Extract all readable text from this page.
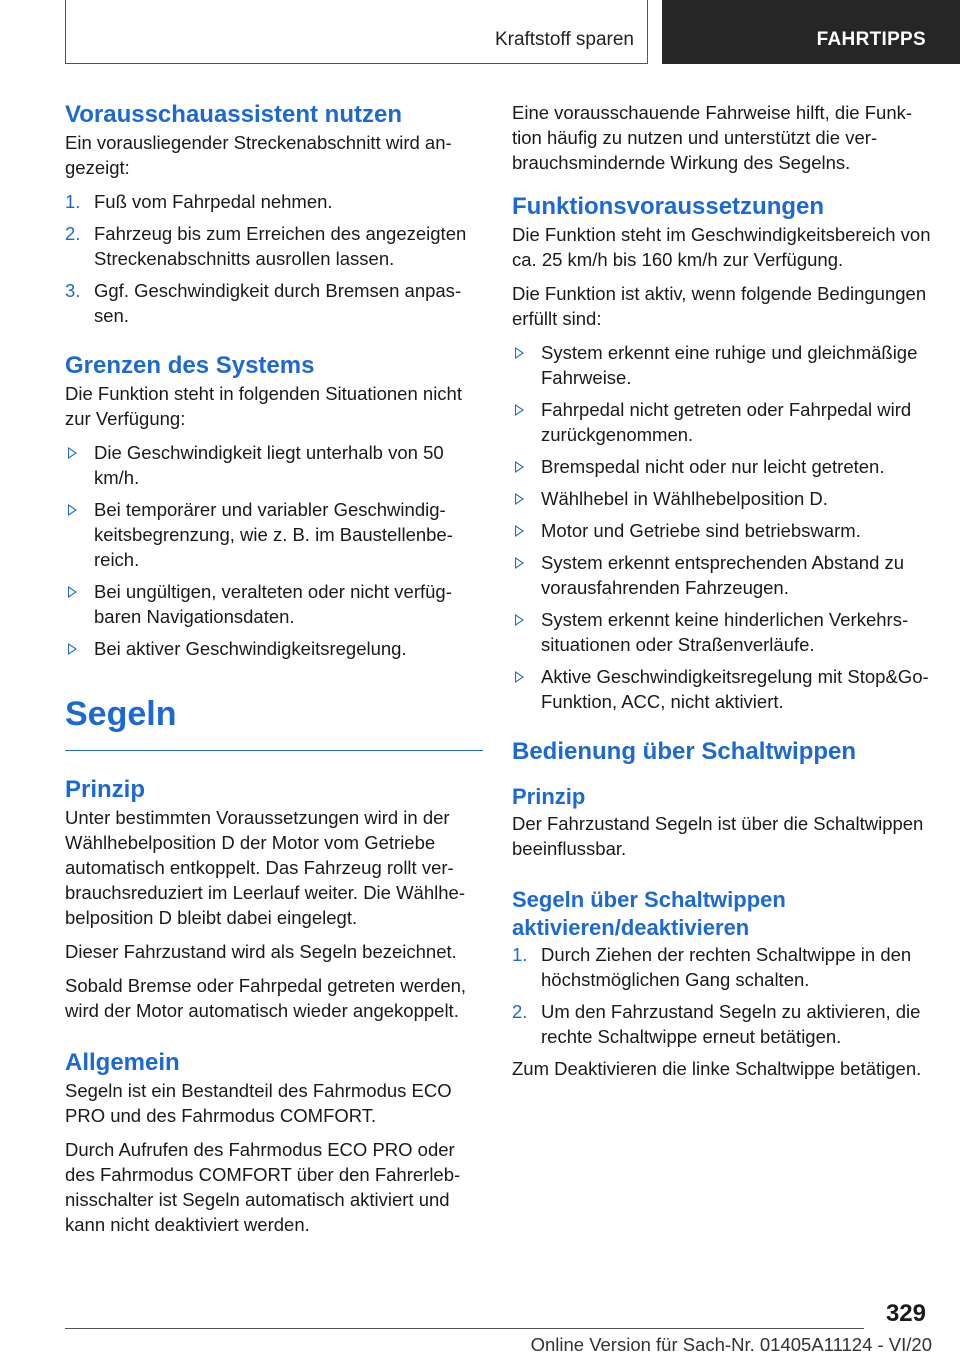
Kraftstoff sparen	FAHRTIPPS
Vorausschauassistent nutzen

Ein vorausliegender Streckenabschnitt wird angezeigt:

1. Fuß vom Fahrpedal nehmen.
2. Fahrzeug bis zum Erreichen des angezeigten Streckenabschnitts ausrollen lassen.
3. Ggf. Geschwindigkeit durch Bremsen anpassen.
Grenzen des Systems

Die Funktion steht in folgenden Situationen nicht zur Verfügung:

Die Geschwindigkeit liegt unterhalb von 50 km/h.
Bei temporärer und variabler Geschwindigkeitsbegrenzung, wie z. B. im Baustellenbereich.
Bei ungültigen, veralteten oder nicht verfügbaren Navigationsdaten.
Bei aktiver Geschwindigkeitsregelung.
Segeln
Prinzip

Unter bestimmten Voraussetzungen wird in der Wählhebelposition D der Motor vom Getriebe automatisch entkoppelt. Das Fahrzeug rollt verbrauchsreduziert im Leerlauf weiter. Die Wählhebelposition D bleibt dabei eingelegt.

Dieser Fahrzustand wird als Segeln bezeichnet.

Sobald Bremse oder Fahrpedal getreten werden, wird der Motor automatisch wieder angekoppelt.

Allgemein

Segeln ist ein Bestandteil des Fahrmodus ECO PRO und des Fahrmodus COMFORT.

Durch Aufrufen des Fahrmodus ECO PRO oder des Fahrmodus COMFORT über den Fahrerlebnisschalter ist Segeln automatisch aktiviert und kann nicht deaktiviert werden.

Eine vorausschauende Fahrweise hilft, die Funktion häufig zu nutzen und unterstützt die verbrauchsmindernde Wirkung des Segelns.

Funktionsvoraussetzungen

Die Funktion steht im Geschwindigkeitsbereich von ca. 25 km/h bis 160 km/h zur Verfügung.

Die Funktion ist aktiv, wenn folgende Bedingungen erfüllt sind:

System erkennt eine ruhige und gleichmäßige Fahrweise.
Fahrpedal nicht getreten oder Fahrpedal wird zurückgenommen.
Bremspedal nicht oder nur leicht getreten.
Wählhebel in Wählhebelposition D.
Motor und Getriebe sind betriebswarm.
System erkennt entsprechenden Abstand zu vorausfahrenden Fahrzeugen.
System erkennt keine hinderlichen Verkehrssituationen oder Straßenverläufe.
Aktive Geschwindigkeitsregelung mit Stop&Go-Funktion, ACC, nicht aktiviert.
Bedienung über Schaltwippen
Prinzip

Der Fahrzustand Segeln ist über die Schaltwippen beeinflussbar.

Segeln über Schaltwippen aktivieren/deaktivieren
1. Durch Ziehen der rechten Schaltwippe in den höchstmöglichen Gang schalten.
2. Um den Fahrzustand Segeln zu aktivieren, die rechte Schaltwippe erneut betätigen.

Zum Deaktivieren die linke Schaltwippe betätigen.

329
Online Version für Sach-Nr. 01405A11124 - VI/20
